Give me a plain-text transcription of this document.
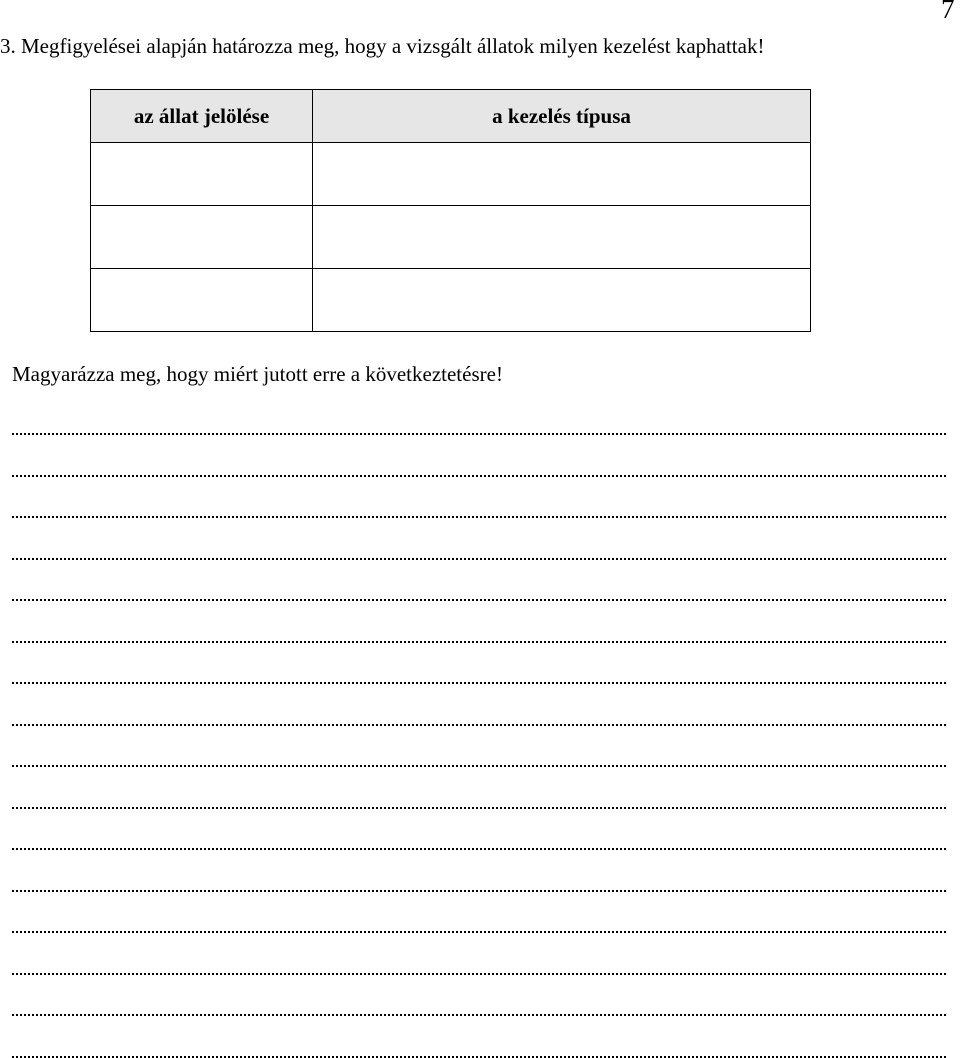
7
3. Megfigyelései alapján határozza meg, hogy a vizsgált állatok milyen kezelést kaphattak!
az állat jelölése	a kezelés típusa

Magyarázza meg, hogy miért jutott erre a következtetésre!
